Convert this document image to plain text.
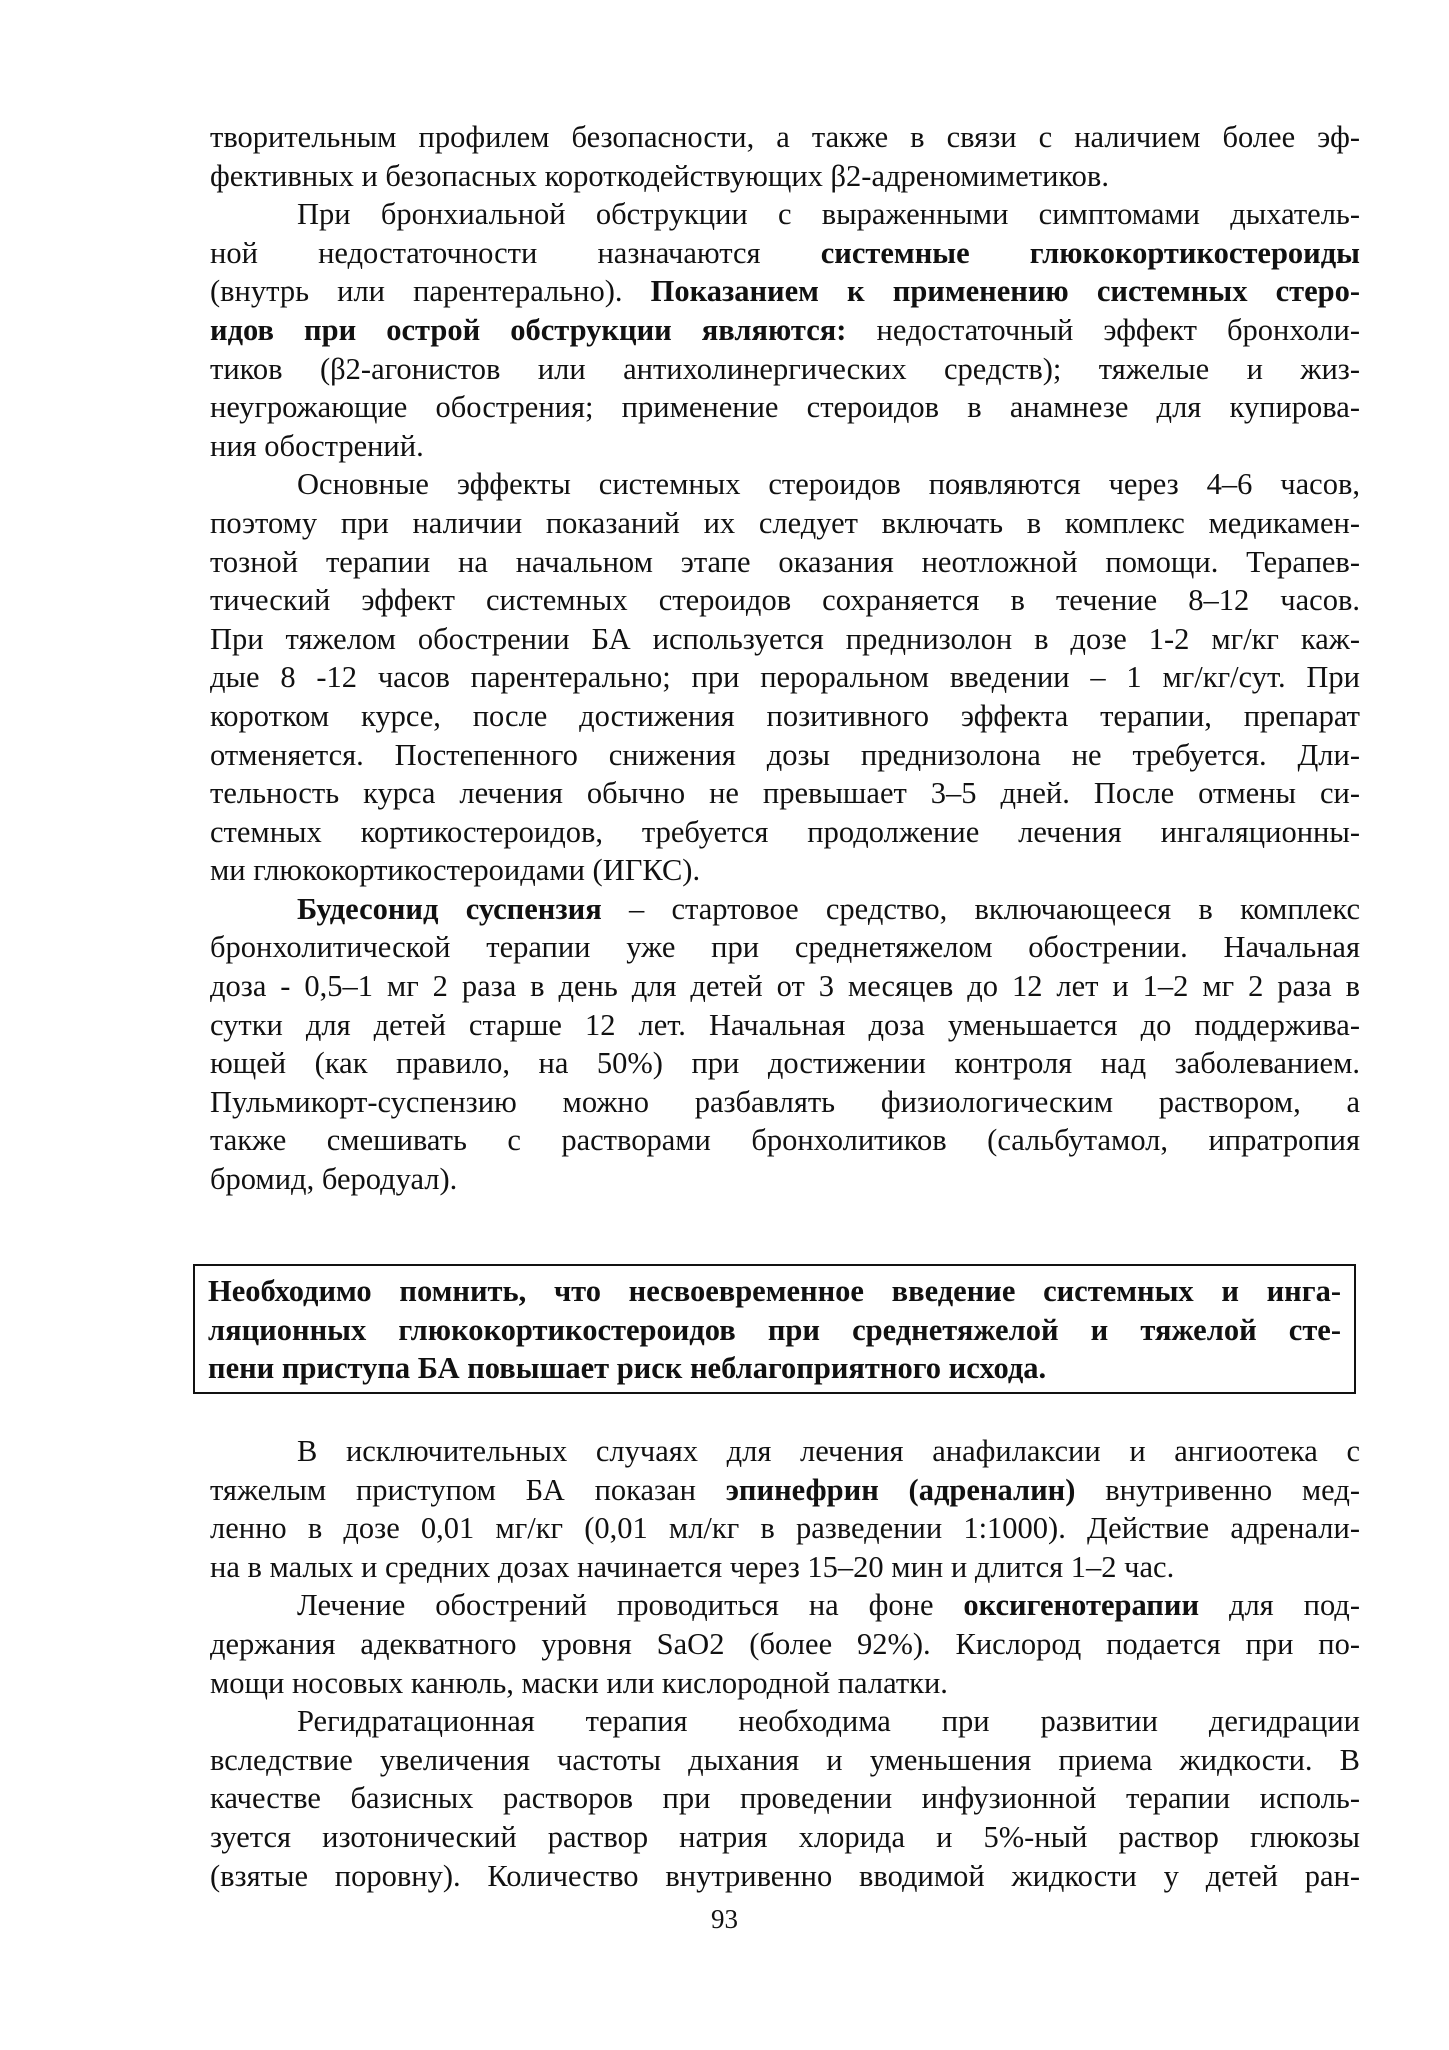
творительным профилем безопасности, а также в связи с наличием более эф-
фективных и безопасных короткодействующих β2-адреномиметиков.
При бронхиальной обструкции с выраженными симптомами дыхатель-
ной недостаточности назначаются системные глюкокортикостероиды
(внутрь или парентерально). Показанием к применению системных стеро-
идов при острой обструкции являются: недостаточный эффект бронхоли-
тиков (β2-агонистов или антихолинергических средств); тяжелые и жиз-
неугрожающие обострения; применение стероидов в анамнезе для купирова-
ния обострений.
Основные эффекты системных стероидов появляются через 4–6 часов,
поэтому при наличии показаний их следует включать в комплекс медикамен-
тозной терапии на начальном этапе оказания неотложной помощи. Терапев-
тический эффект системных стероидов сохраняется в течение 8–12 часов.
При тяжелом обострении БА используется преднизолон в дозе 1-2 мг/кг каж-
дые 8 -12 часов парентерально; при пероральном введении – 1 мг/кг/сут. При
коротком курсе, после достижения позитивного эффекта терапии, препарат
отменяется. Постепенного снижения дозы преднизолона не требуется. Дли-
тельность курса лечения обычно не превышает 3–5 дней. После отмены си-
стемных кортикостероидов, требуется продолжение лечения ингаляционны-
ми глюкокортикостероидами (ИГКС).
Будесонид суспензия – стартовое средство, включающееся в комплекс
бронхолитической терапии уже при среднетяжелом обострении. Начальная
доза - 0,5–1 мг 2 раза в день для детей от 3 месяцев до 12 лет и 1–2 мг 2 раза в
сутки для детей старше 12 лет. Начальная доза уменьшается до поддержива-
ющей (как правило, на 50%) при достижении контроля над заболеванием.
Пульмикорт-суспензию можно разбавлять физиологическим раствором, а
также смешивать с растворами бронхолитиков (сальбутамол, ипратропия
бромид, беродуал).
Необходимо помнить, что несвоевременное введение системных и инга-
ляционных глюкокортикостероидов при среднетяжелой и тяжелой сте-
пени приступа БА повышает риск неблагоприятного исхода.
В исключительных случаях для лечения анафилаксии и ангиоотека с
тяжелым приступом БА показан эпинефрин (адреналин) внутривенно мед-
ленно в дозе 0,01 мг/кг (0,01 мл/кг в разведении 1:1000). Действие адренали-
на в малых и средних дозах начинается через 15–20 мин и длится 1–2 час.
Лечение обострений проводиться на фоне оксигенотерапии для под-
держания адекватного уровня SaO2 (более 92%). Кислород подается при по-
мощи носовых канюль, маски или кислородной палатки.
Регидратационная терапия необходима при развитии дегидрации
вследствие увеличения частоты дыхания и уменьшения приема жидкости. В
качестве базисных растворов при проведении инфузионной терапии исполь-
зуется изотонический раствор натрия хлорида и 5%-ный раствор глюкозы
(взятые поровну). Количество внутривенно вводимой жидкости у детей ран-
93
